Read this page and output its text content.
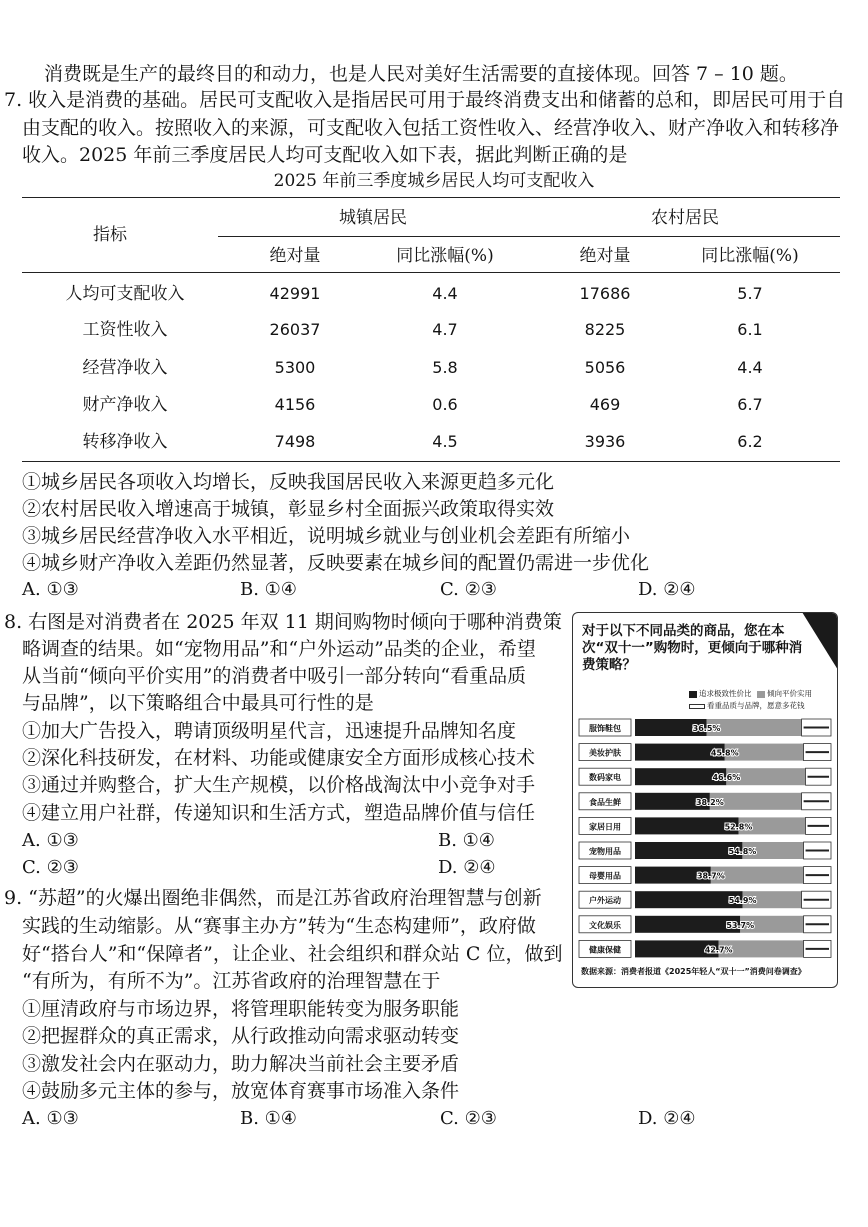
消费既是生产的最终目的和动力，也是人民对美好生活需要的直接体现。回答 7 – 10 题。
7. 收入是消费的基础。居民可支配收入是指居民可用于最终消费支出和储蓄的总和，即居民可用于自
由支配的收入。按照收入的来源，可支配收入包括工资性收入、经营净收入、财产净收入和转移净
收入。2025 年前三季度居民人均可支配收入如下表，据此判断正确的是
2025 年前三季度城乡居民人均可支配收入
指标
城镇居民	农村居民
绝对量	同比涨幅(%)	绝对量	同比涨幅(%)
人均可支配收入	42991	4.4	17686	5.7
工资性收入	26037	4.7	8225	6.1
经营净收入	5300	5.8	5056	4.4
财产净收入	4156	0.6	469	6.7
转移净收入	7498	4.5	3936	6.2
①城乡居民各项收入均增长，反映我国居民收入来源更趋多元化
②农村居民收入增速高于城镇，彰显乡村全面振兴政策取得实效
③城乡居民经营净收入水平相近，说明城乡就业与创业机会差距有所缩小
④城乡财产净收入差距仍然显著，反映要素在城乡间的配置仍需进一步优化
A. ①③	B. ①④	C. ②③	D. ②④
8. 右图是对消费者在 2025 年双 11 期间购物时倾向于哪种消费策
略调查的结果。如“宠物用品”和“户外运动”品类的企业，希望
从当前“倾向平价实用”的消费者中吸引一部分转向“看重品质
与品牌”，以下策略组合中最具可行性的是
①加大广告投入，聘请顶级明星代言，迅速提升品牌知名度
②深化科技研发，在材料、功能或健康安全方面形成核心技术
③通过并购整合，扩大生产规模，以价格战淘汰中小竞争对手
④建立用户社群，传递知识和生活方式，塑造品牌价值与信任
A. ①③	B. ①④
C. ②③	D. ②④
对于以下不同品类的商品，您在本次“双十一”购物时，更倾向于哪种消费策略？
追求极致性价比	倾向平价实用
看重品质与品牌，愿意多花钱
服饰鞋包	36.5%
美妆护肤	45.8%
数码家电	46.6%
食品生鲜	38.2%
家居日用	52.8%
宠物用品	54.8%
母婴用品	38.7%
户外运动	54.9%
文化娱乐	53.7%
健康保健	42.7%
数据来源：消费者报道《2025年轻人“双十一”消费问卷调查》
9. “苏超”的火爆出圈绝非偶然，而是江苏省政府治理智慧与创新
实践的生动缩影。从“赛事主办方”转为“生态构建师”，政府做
好“搭台人”和“保障者”，让企业、社会组织和群众站 C 位，做到
“有所为，有所不为”。江苏省政府的治理智慧在于
①厘清政府与市场边界，将管理职能转变为服务职能
②把握群众的真正需求，从行政推动向需求驱动转变
③激发社会内在驱动力，助力解决当前社会主要矛盾
④鼓励多元主体的参与，放宽体育赛事市场准入条件
A. ①③	B. ①④	C. ②③	D. ②④
